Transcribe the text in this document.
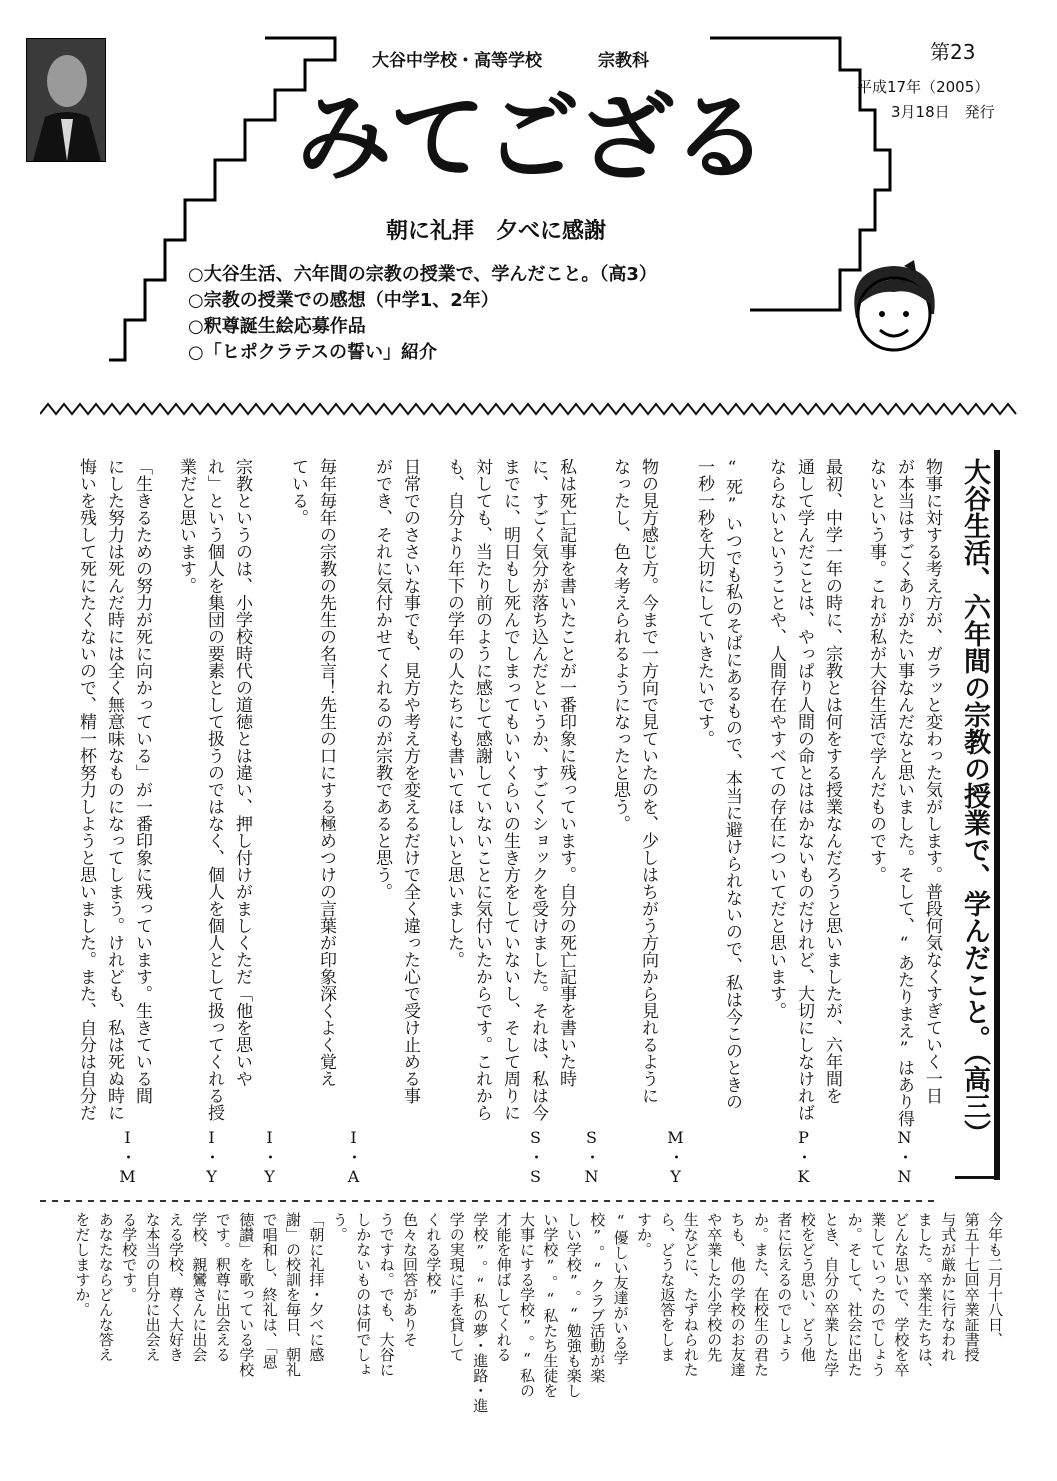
大谷中学校・高等学校	宗教科	第23
平成17年（2005）
3月18日　発行
みてござる
朝に礼拝　夕べに感謝
○大谷生活、六年間の宗教の授業で、学んだこと。（高3）
○宗教の授業での感想（中学1、2年）
○釈尊誕生絵応募作品
○「ヒポクラテスの誓い」紹介
大谷生活、六年間の宗教の授業で、学んだこと。（高三）
物事に対する考え方が、ガラッと変わった気がします。普段何気なくすぎていく一日
が本当はすごくありがたい事なんだなと思いました。そして、“あたりまえ”はあり得
ないという事。これが私が大谷生活で学んだものです。
N・N
最初、中学一年の時に、宗教とは何をする授業なんだろうと思いましたが、六年間を
通して学んだことは、やっぱり人間の命とははかないものだけれど、大切にしなければ
ならないということや、人間存在やすべての存在についてだと思います。
P・K
“死”いつでも私のそばにあるもので、本当に避けられないので、私は今このときの
一秒一秒を大切にしていきたいです。
M・Y
物の見方感じ方。今まで一方向で見ていたのを、少しはちがう方向から見れるように
なったし、色々考えられるようになったと思う。
S・N
私は死亡記事を書いたことが一番印象に残っています。自分の死亡記事を書いた時
に、すごく気分が落ち込んだというか、すごくショックを受けました。それは、私は今
までに、明日もし死んでしまってもいいくらいの生き方をしていないし、そして周りに
対しても、当たり前のように感じて感謝していないことに気付いたからです。これから
も、自分より年下の学年の人たちにも書いてほしいと思いました。
S・S
日常でのささいな事でも、見方や考え方を変えるだけで全く違った心で受け止める事
ができ、それに気付かせてくれるのが宗教であると思う。
I・A
毎年毎年の宗教の先生の名言！先生の口にする極めつけの言葉が印象深くよく覚え
ている。
I・Y
宗教というのは、小学校時代の道徳とは違い、押し付けがましくただ「他を思いや
れ」という個人を集団の要素として扱うのではなく、個人を個人として扱ってくれる授
業だと思います。
I・Y
「生きるための努力が死に向かっている」が一番印象に残っています。生きている間
にした努力は死んだ時には全く無意味なものになってしまう。けれども、私は死ぬ時に
悔いを残して死にたくないので、精一杯努力しようと思いました。また、自分は自分だ
I・M
今年も二月十八日、
第五十七回卒業証書授
与式が厳かに行なわれ
ました。卒業生たちは、
どんな思いで、学校を卒
業していったのでしょう
か。そして、社会に出た
とき、自分の卒業した学
校をどう思い、どう他
者に伝えるのでしょう
か。また、在校生の君た
ちも、他の学校のお友達
や卒業した小学校の先
生などに、たずねられた
ら、どうな返答をしま
すか。
“優しい友達がいる学
校”。“クラブ活動が楽
しい学校”。“勉強も楽し
い学校”。“私たち生徒を
大事にする学校”。“私の
才能を伸ばしてくれる
学校”。“私の夢・進路・進
学の実現に手を貸して
くれる学校”
色々な回答がありそ
うですね。でも、大谷に
しかないものは何でしょ
う。
「朝に礼拝・夕べに感
謝」の校訓を毎日、朝礼
で唱和し、終礼は、「恩
徳讃」を歌っている学校
です。釈尊に出会える
学校、親鸞さんに出会
える学校、尊く大好き
な本当の自分に出会え
る学校です。
あなたならどんな答え
をだしますか。
